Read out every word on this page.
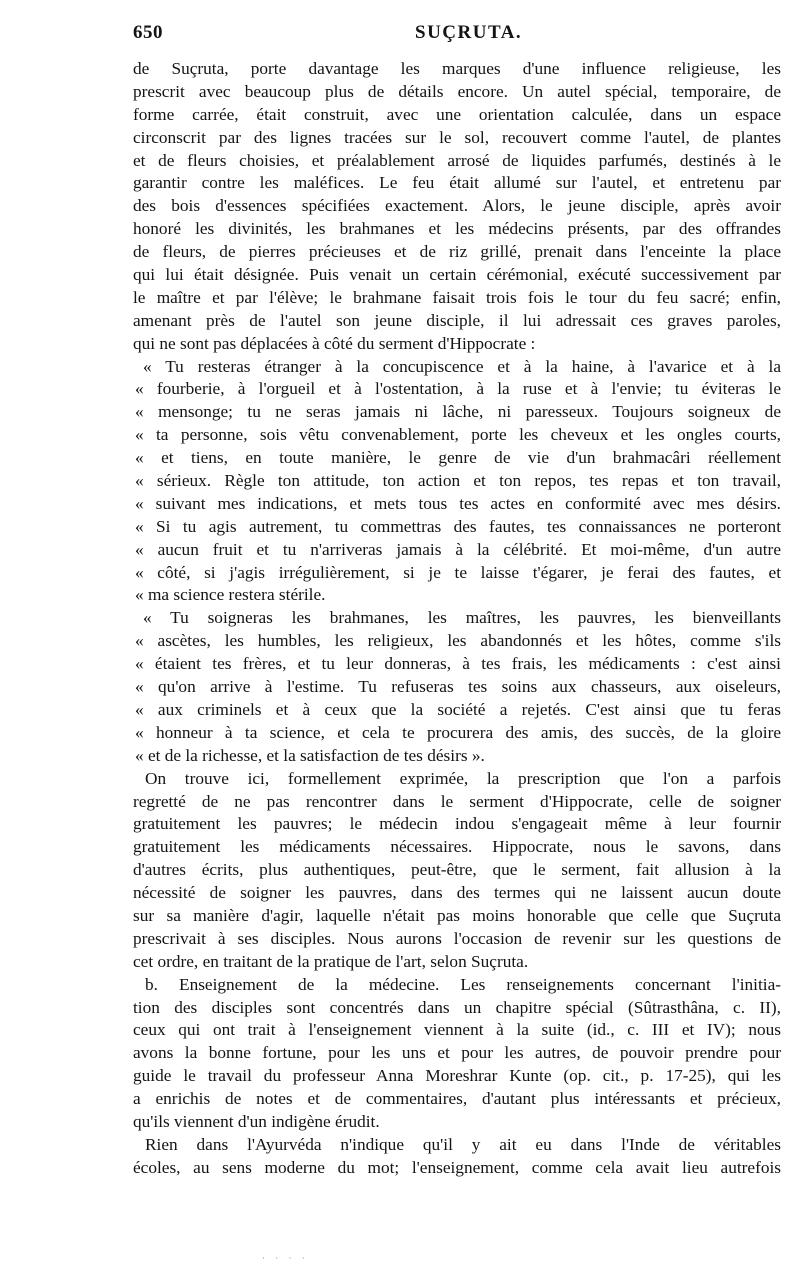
650	SUÇRUTA.
de Suçruta, porte davantage les marques d'une influence religieuse, les
prescrit avec beaucoup plus de détails encore. Un autel spécial, temporaire, de
forme carrée, était construit, avec une orientation calculée, dans un espace
circonscrit par des lignes tracées sur le sol, recouvert comme l'autel, de plantes
et de fleurs choisies, et préalablement arrosé de liquides parfumés, destinés à le
garantir contre les maléfices. Le feu était allumé sur l'autel, et entretenu par
des bois d'essences spécifiées exactement. Alors, le jeune disciple, après avoir
honoré les divinités, les brahmanes et les médecins présents, par des offrandes
de fleurs, de pierres précieuses et de riz grillé, prenait dans l'enceinte la place
qui lui était désignée. Puis venait un certain cérémonial, exécuté successivement par
le maître et par l'élève; le brahmane faisait trois fois le tour du feu sacré; enfin,
amenant près de l'autel son jeune disciple, il lui adressait ces graves paroles,
qui ne sont pas déplacées à côté du serment d'Hippocrate :
« Tu resteras étranger à la concupiscence et à la haine, à l'avarice et à la
« fourberie, à l'orgueil et à l'ostentation, à la ruse et à l'envie; tu éviteras le
« mensonge; tu ne seras jamais ni lâche, ni paresseux. Toujours soigneux de
« ta personne, sois vêtu convenablement, porte les cheveux et les ongles courts,
« et tiens, en toute manière, le genre de vie d'un brahmacâri réellement
« sérieux. Règle ton attitude, ton action et ton repos, tes repas et ton travail,
« suivant mes indications, et mets tous tes actes en conformité avec mes désirs.
« Si tu agis autrement, tu commettras des fautes, tes connaissances ne porteront
« aucun fruit et tu n'arriveras jamais à la célébrité. Et moi-même, d'un autre
« côté, si j'agis irrégulièrement, si je te laisse t'égarer, je ferai des fautes, et
« ma science restera stérile.
« Tu soigneras les brahmanes, les maîtres, les pauvres, les bienveillants
« ascètes, les humbles, les religieux, les abandonnés et les hôtes, comme s'ils
« étaient tes frères, et tu leur donneras, à tes frais, les médicaments : c'est ainsi
« qu'on arrive à l'estime. Tu refuseras tes soins aux chasseurs, aux oiseleurs,
« aux criminels et à ceux que la société a rejetés. C'est ainsi que tu feras
« honneur à ta science, et cela te procurera des amis, des succès, de la gloire
« et de la richesse, et la satisfaction de tes désirs ».
On trouve ici, formellement exprimée, la prescription que l'on a parfois
regretté de ne pas rencontrer dans le serment d'Hippocrate, celle de soigner
gratuitement les pauvres; le médecin indou s'engageait même à leur fournir
gratuitement les médicaments nécessaires. Hippocrate, nous le savons, dans
d'autres écrits, plus authentiques, peut-être, que le serment, fait allusion à la
nécessité de soigner les pauvres, dans des termes qui ne laissent aucun doute
sur sa manière d'agir, laquelle n'était pas moins honorable que celle que Suçruta
prescrivait à ses disciples. Nous aurons l'occasion de revenir sur les questions de
cet ordre, en traitant de la pratique de l'art, selon Suçruta.
b. Enseignement de la médecine. Les renseignements concernant l'initia-
tion des disciples sont concentrés dans un chapitre spécial (Sûtrasthâna, c. II),
ceux qui ont trait à l'enseignement viennent à la suite (id., c. III et IV); nous
avons la bonne fortune, pour les uns et pour les autres, de pouvoir prendre pour
guide le travail du professeur Anna Moreshrar Kunte (op. cit., p. 17-25), qui les
a enrichis de notes et de commentaires, d'autant plus intéressants et précieux,
qu'ils viennent d'un indigène érudit.
Rien dans l'Ayurvéda n'indique qu'il y ait eu dans l'Inde de véritables
écoles, au sens moderne du mot; l'enseignement, comme cela avait lieu autrefois
· · · ·
